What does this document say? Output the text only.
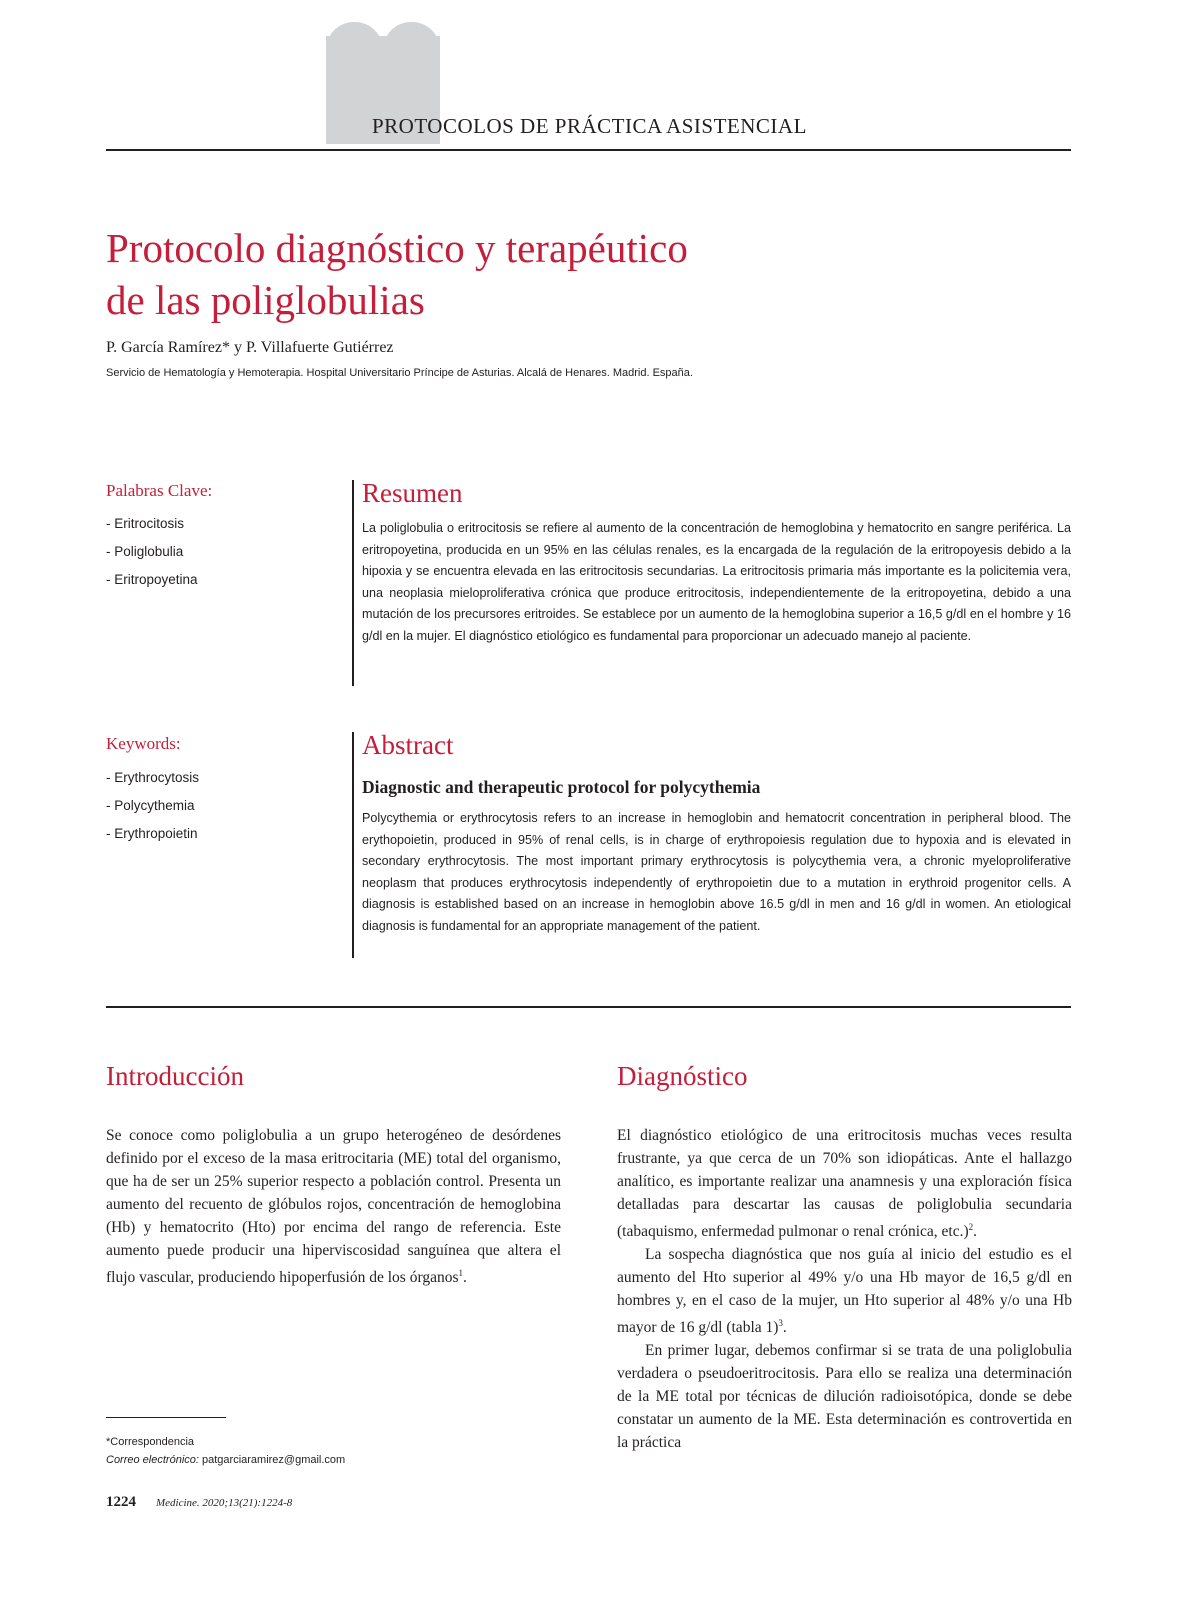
PROTOCOLOS DE PRÁCTICA ASISTENCIAL
Protocolo diagnóstico y terapéutico
de las poliglobulias
P. García Ramírez* y P. Villafuerte Gutiérrez
Servicio de Hematología y Hemoterapia. Hospital Universitario Príncipe de Asturias. Alcalá de Henares. Madrid. España.
Palabras Clave:
- Eritrocitosis
- Poliglobulia
- Eritropoyetina
Resumen

La poliglobulia o eritrocitosis se refiere al aumento de la concentración de hemoglobina y hematocrito en sangre periférica. La eritropoyetina, producida en un 95% en las células renales, es la encargada de la regulación de la eritropoyesis debido a la hipoxia y se encuentra elevada en las eritrocitosis secundarias. La eritrocitosis primaria más importante es la policitemia vera, una neoplasia mieloproliferativa crónica que produce eritrocitosis, independientemente de la eritropoyetina, debido a una mutación de los precursores eritroides. Se establece por un aumento de la hemoglobina superior a 16,5 g/dl en el hombre y 16 g/dl en la mujer. El diagnóstico etiológico es fundamental para proporcionar un adecuado manejo al paciente.

Keywords:
- Erythrocytosis
- Polycythemia
- Erythropoietin
Abstract
Diagnostic and therapeutic protocol for polycythemia

Polycythemia or erythrocytosis refers to an increase in hemoglobin and hematocrit concentration in peripheral blood. The erythopoietin, produced in 95% of renal cells, is in charge of erythropoiesis regulation due to hypoxia and is elevated in secondary erythrocytosis. The most important primary erythrocytosis is polycythemia vera, a chronic myeloproliferative neoplasm that produces erythrocytosis independently of erythropoietin due to a mutation in erythroid progenitor cells. A diagnosis is established based on an increase in hemoglobin above 16.5 g/dl in men and 16 g/dl in women. An etiological diagnosis is fundamental for an appropriate management of the patient.

Introducción

Se conoce como poliglobulia a un grupo heterogéneo de desórdenes definido por el exceso de la masa eritrocitaria (ME) total del organismo, que ha de ser un 25% superior respecto a población control. Presenta un aumento del recuento de glóbulos rojos, concentración de hemoglobina (Hb) y hematocrito (Hto) por encima del rango de referencia. Este aumento puede producir una hiperviscosidad sanguínea que altera el flujo vascular, produciendo hipoperfusión de los órganos$^1$.

Diagnóstico

El diagnóstico etiológico de una eritrocitosis muchas veces resulta frustrante, ya que cerca de un 70% son idiopáticas. Ante el hallazgo analítico, es importante realizar una anamnesis y una exploración física detalladas para descartar las causas de poliglobulia secundaria (tabaquismo, enfermedad pulmonar o renal crónica, etc.)$^2$.

La sospecha diagnóstica que nos guía al inicio del estudio es el aumento del Hto superior al 49% y/o una Hb mayor de 16,5 g/dl en hombres y, en el caso de la mujer, un Hto superior al 48% y/o una Hb mayor de 16 g/dl (tabla 1)$^3$.

En primer lugar, debemos confirmar si se trata de una poliglobulia verdadera o pseudoeritrocitosis. Para ello se realiza una determinación de la ME total por técnicas de dilución radioisotópica, donde se debe constatar un aumento de la ME. Esta determinación es controvertida en la práctica

*Correspondencia
Correo electrónico: patgarciaramirez@gmail.com
1224 Medicine. 2020;13(21):1224-8
